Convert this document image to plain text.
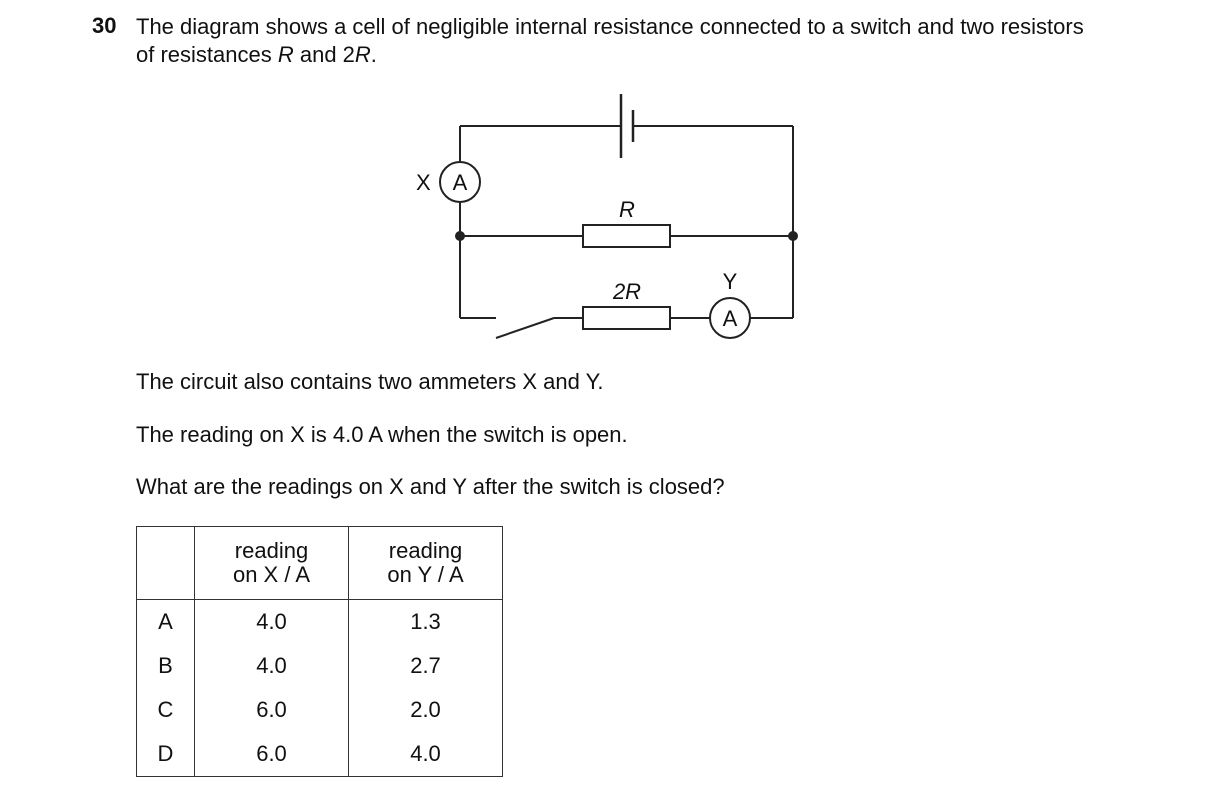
30 The diagram shows a cell of negligible internal resistance connected to a switch and two resistors
of resistances R and 2R.
X A
R
2R	Y
A
The circuit also contains two ammeters X and Y.
The reading on X is 4.0 A when the switch is open.
What are the readings on X and Y after the switch is closed?
	reading
on X / A	reading
on Y / A
A	4.0	1.3
B	4.0	2.7
C	6.0	2.0
D	6.0	4.0
